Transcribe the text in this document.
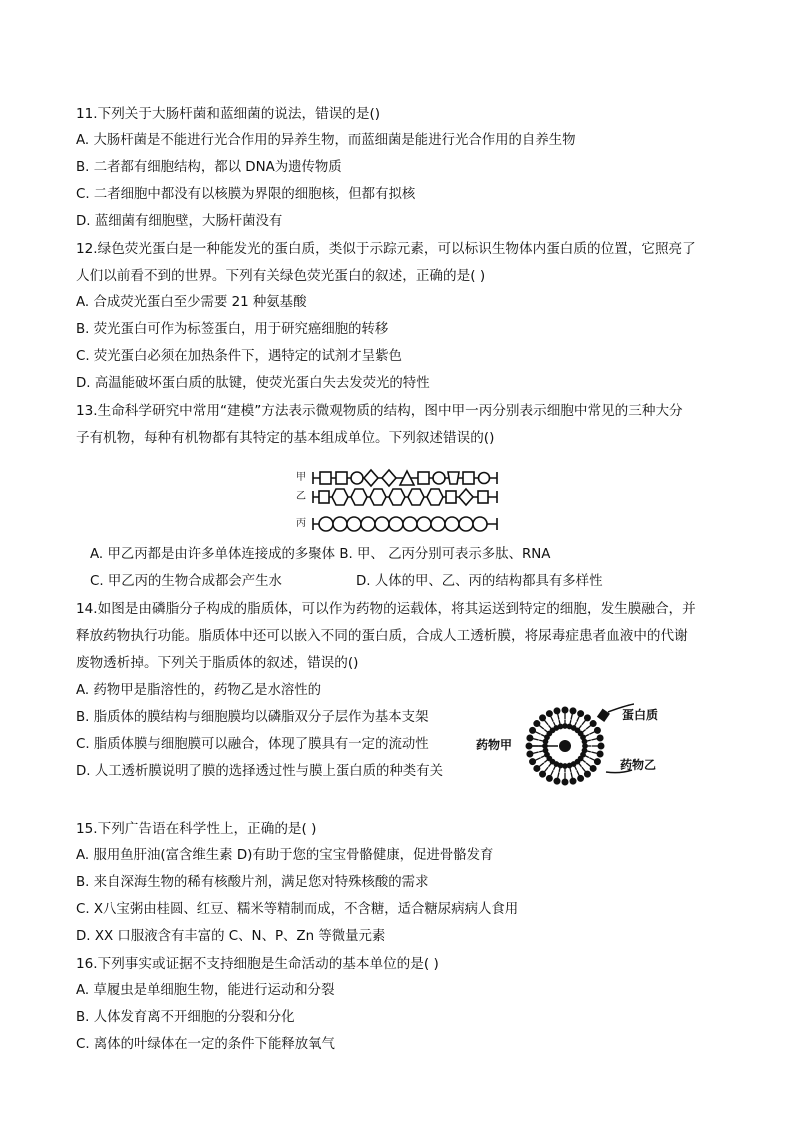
11.下列关于大肠杆菌和蓝细菌的说法，错误的是()
A. 大肠杆菌是不能进行光合作用的异养生物，而蓝细菌是能进行光合作用的自养生物
B. 二者都有细胞结构，都以 DNA为遗传物质
C. 二者细胞中都没有以核膜为界限的细胞核，但都有拟核
D. 蓝细菌有细胞壁，大肠杆菌没有
12.绿色荧光蛋白是一种能发光的蛋白质，类似于示踪元素，可以标识生物体内蛋白质的位置，它照亮了
人们以前看不到的世界。下列有关绿色荧光蛋白的叙述，正确的是( )
A. 合成荧光蛋白至少需要 21 种氨基酸
B. 荧光蛋白可作为标签蛋白，用于研究癌细胞的转移
C. 荧光蛋白必须在加热条件下，遇特定的试剂才呈紫色
D. 高温能破坏蛋白质的肽键，使荧光蛋白失去发荧光的特性
13.生命科学研究中常用“建模”方法表示微观物质的结构，图中甲一丙分别表示细胞中常见的三种大分
子有机物，每种有机物都有其特定的基本组成单位。下列叙述错误的()
甲
乙
丙
A. 甲乙丙都是由许多单体连接成的多聚体 B. 甲、 乙丙分别可表示多肽、RNA
C. 甲乙丙的生物合成都会产生水	D. 人体的甲、乙、丙的结构都具有多样性
14.如图是由磷脂分子构成的脂质体，可以作为药物的运载体，将其运送到特定的细胞，发生膜融合，并
释放药物执行功能。脂质体中还可以嵌入不同的蛋白质，合成人工透析膜，将尿毒症患者血液中的代谢
废物透析掉。下列关于脂质体的叙述，错误的()
A. 药物甲是脂溶性的，药物乙是水溶性的
B. 脂质体的膜结构与细胞膜均以磷脂双分子层作为基本支架
C. 脂质体膜与细胞膜可以融合，体现了膜具有一定的流动性
D. 人工透析膜说明了膜的选择透过性与膜上蛋白质的种类有关
蛋白质
药物甲
药物乙
15.下列广告语在科学性上，正确的是( )
A. 服用鱼肝油(富含维生素 D)有助于您的宝宝骨骼健康，促进骨骼发育
B. 来自深海生物的稀有核酸片剂，满足您对特殊核酸的需求
C. X八宝粥由桂圆、红豆、糯米等精制而成，不含糖，适合糖尿病病人食用
D. XX 口服液含有丰富的 C、N、P、Zn 等微量元素
16.下列事实或证据不支持细胞是生命活动的基本单位的是( )
A. 草履虫是单细胞生物，能进行运动和分裂
B. 人体发育离不开细胞的分裂和分化
C. 离体的叶绿体在一定的条件下能释放氧气
